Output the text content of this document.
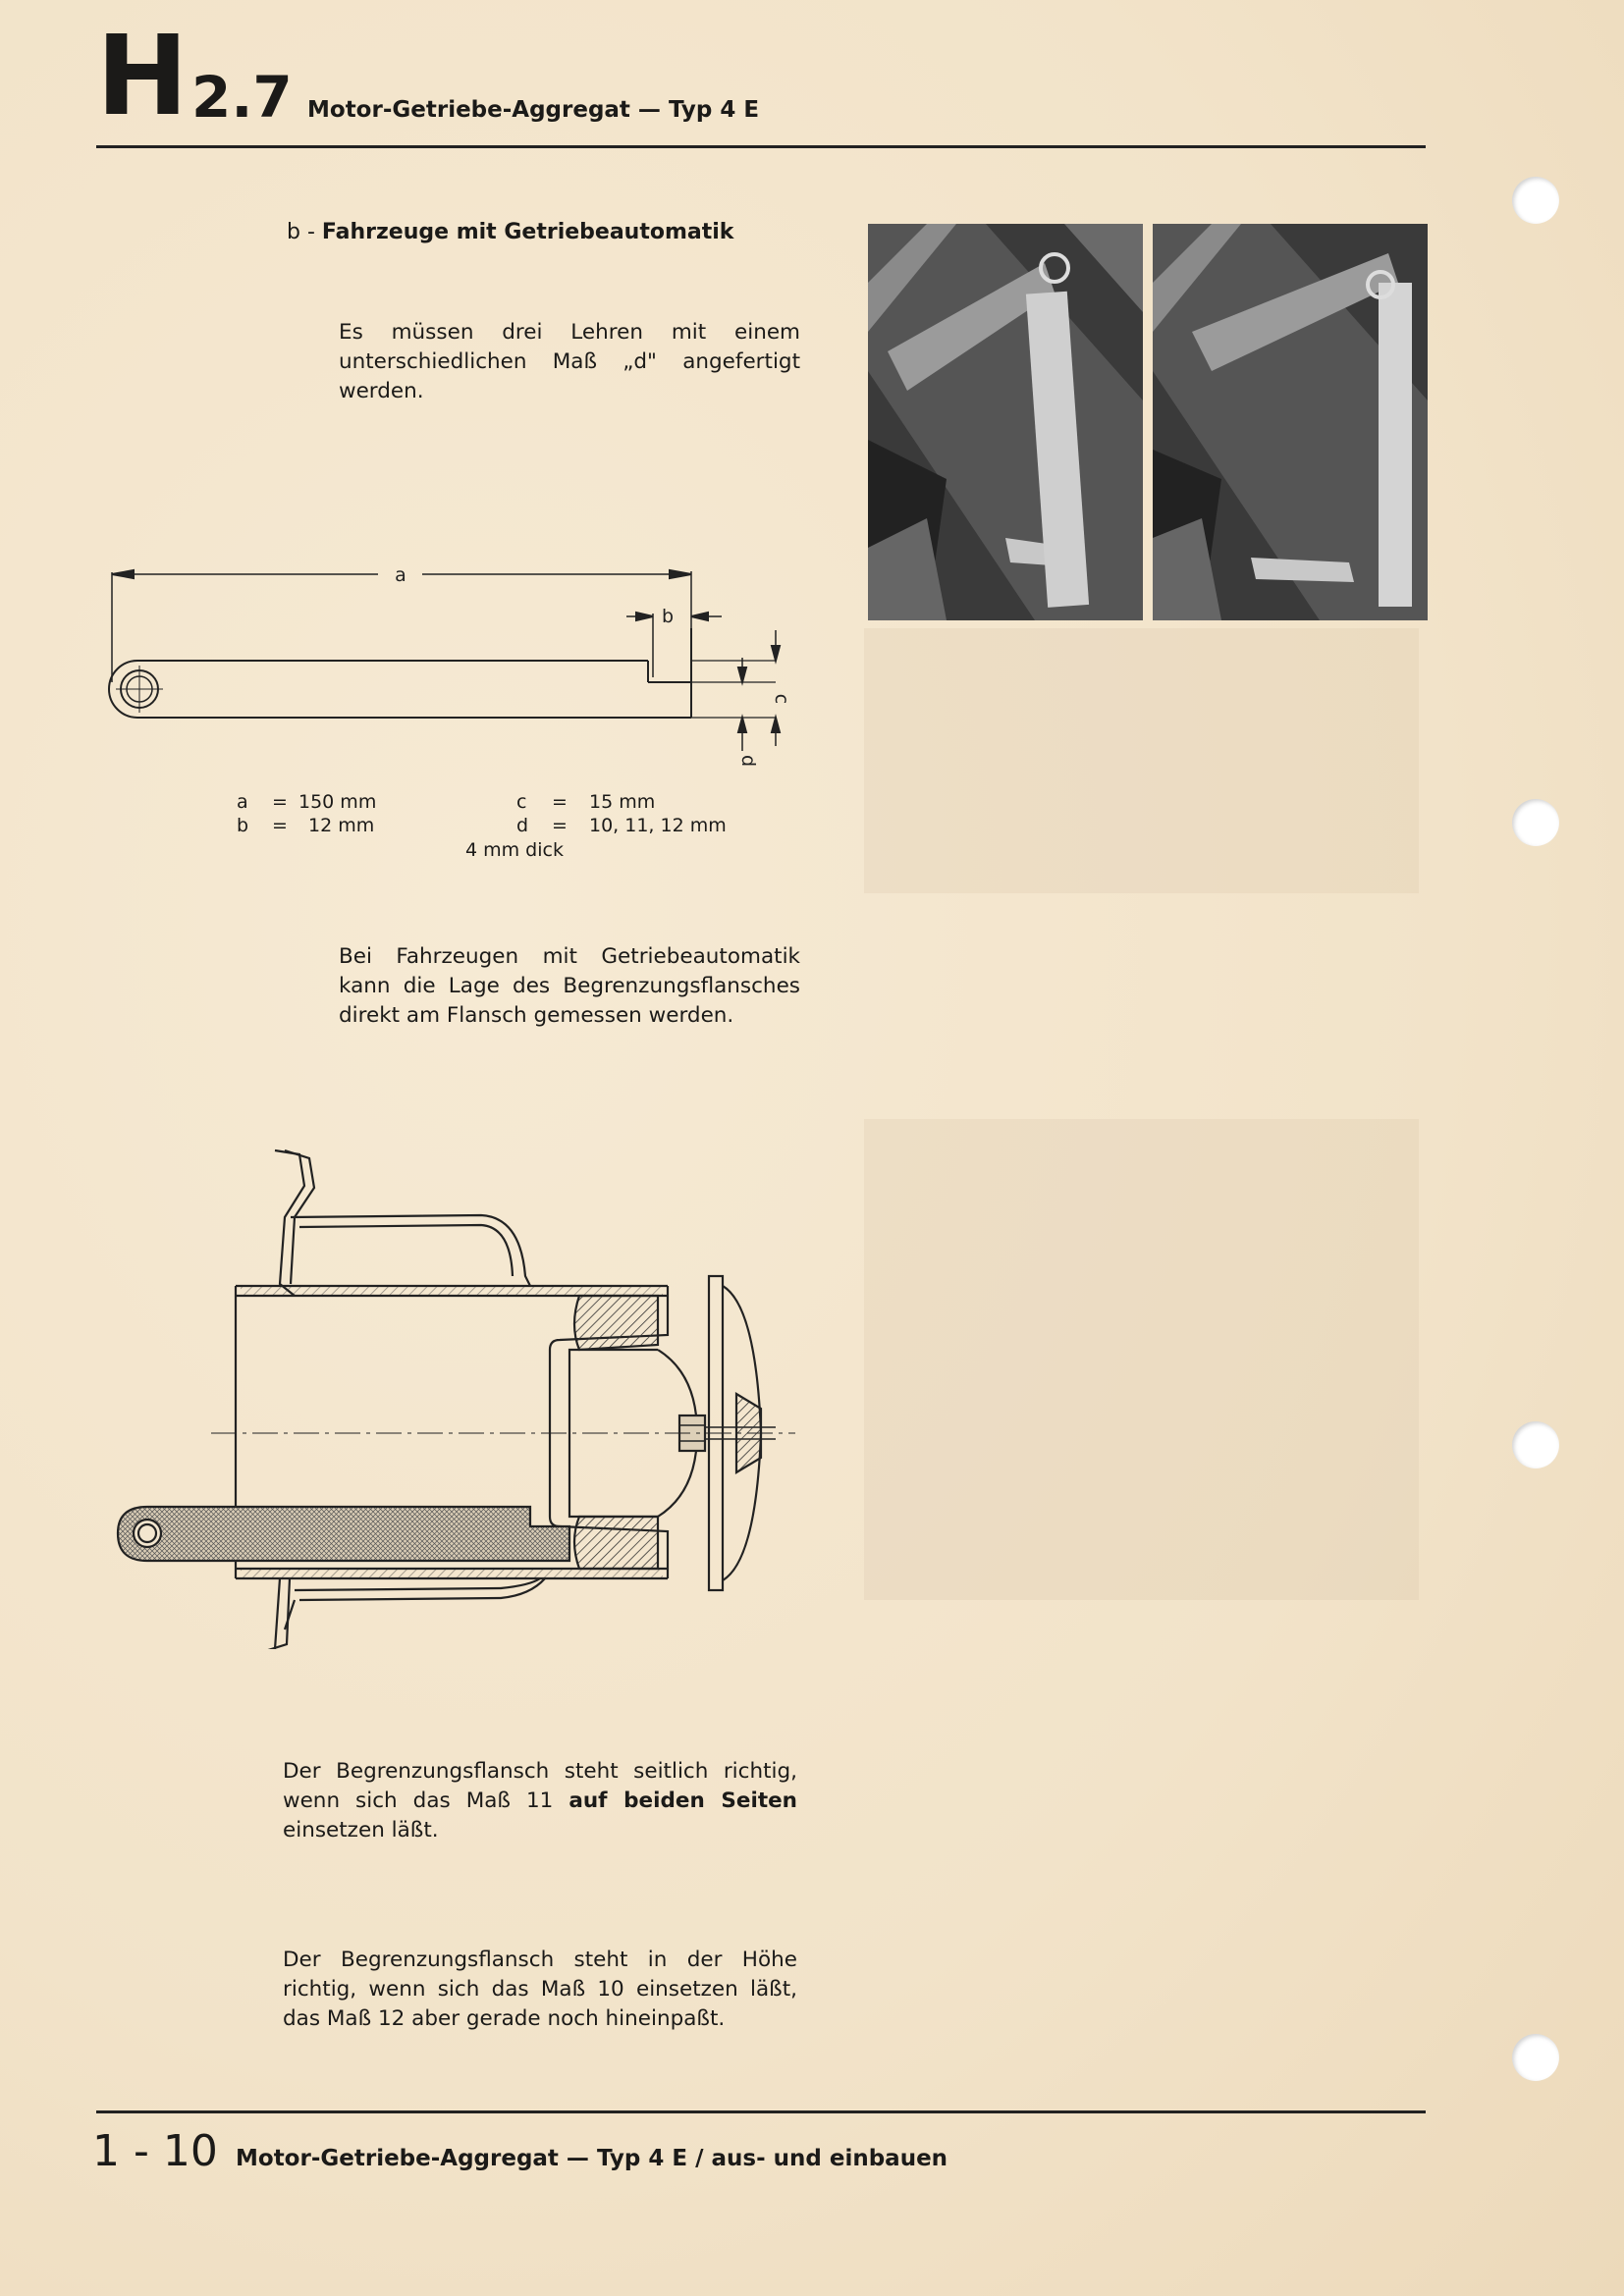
H 2.7 Motor-Getriebe-Aggregat — Typ 4 E
b - Fahrzeuge mit Getriebeautomatik
Es müssen drei Lehren mit einem unterschiedlichen Maß „d" angefertigt werden.
a
b
c
d
a = 150 mm
b = 12 mm
c = 15 mm
d = 10, 11, 12 mm
4 mm dick
Bei Fahrzeugen mit Getriebeautomatik kann die Lage des Begrenzungsflansches direkt am Flansch gemessen werden.
Der Begrenzungsflansch steht seitlich richtig, wenn sich das Maß 11 auf beiden Seiten einsetzen läßt.
Der Begrenzungsflansch steht in der Höhe richtig, wenn sich das Maß 10 einsetzen läßt, das Maß 12 aber gerade noch hineinpaßt.
1 - 10 Motor-Getriebe-Aggregat — Typ 4 E / aus- und einbauen
